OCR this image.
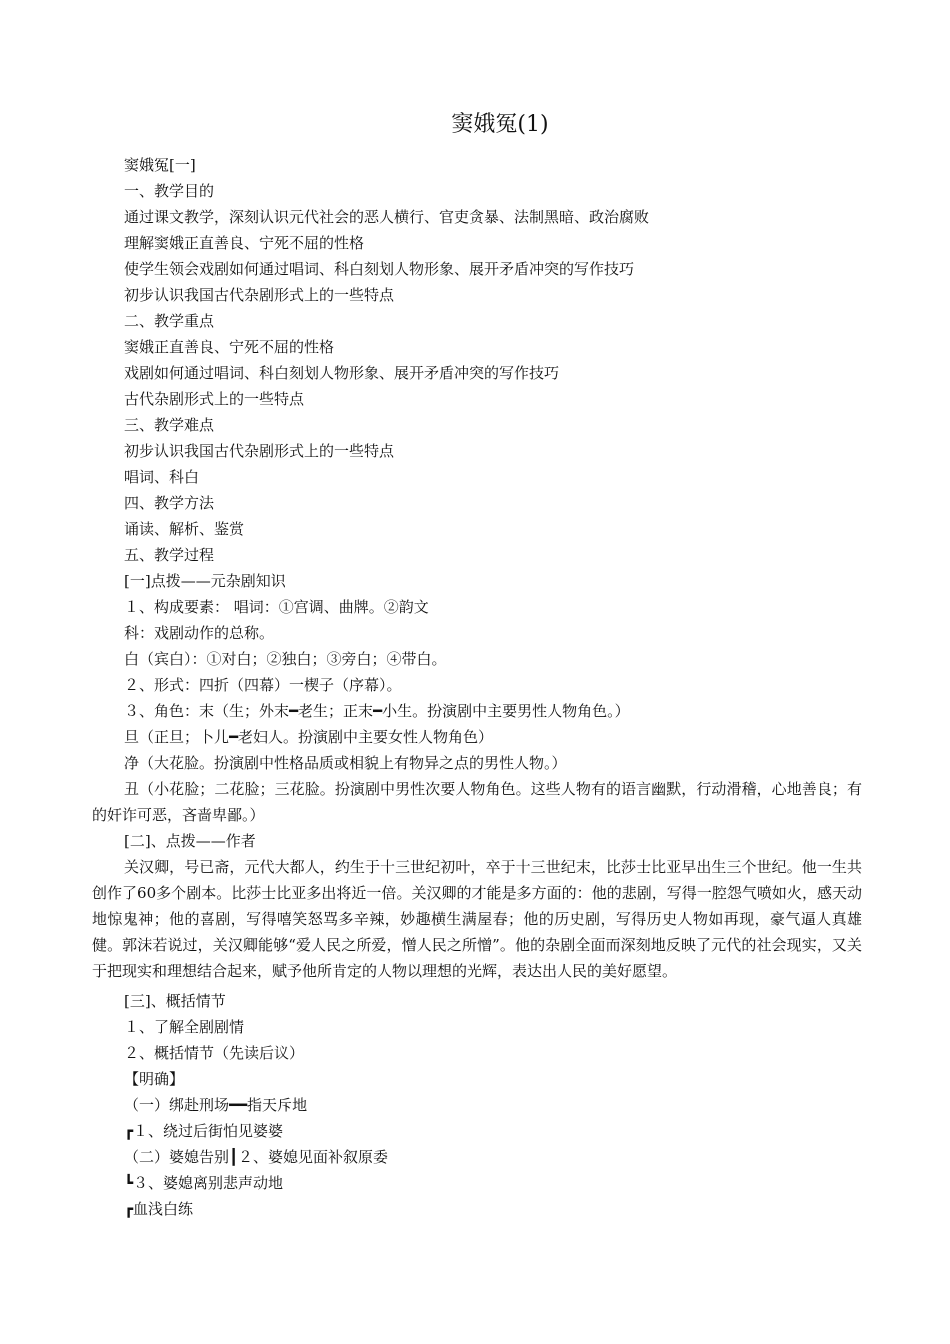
窦娥冤(1)

窦娥冤[一]

一、教学目的

通过课文教学，深刻认识元代社会的恶人横行、官吏贪暴、法制黑暗、政治腐败

理解窦娥正直善良、宁死不屈的性格

使学生领会戏剧如何通过唱词、科白刻划人物形象、展开矛盾冲突的写作技巧

初步认识我国古代杂剧形式上的一些特点

二、教学重点

窦娥正直善良、宁死不屈的性格

戏剧如何通过唱词、科白刻划人物形象、展开矛盾冲突的写作技巧

古代杂剧形式上的一些特点

三、教学难点

初步认识我国古代杂剧形式上的一些特点

唱词、科白

四、教学方法

诵读、解析、鉴赏

五、教学过程

[一]点拨——元杂剧知识

１、构成要素： 唱词：①宫调、曲牌。②韵文

科：戏剧动作的总称。

白（宾白）：①对白；②独白；③旁白；④带白。

２、形式：四折（四幕）一楔子（序幕）。

３、角色：末（生；外末━老生；正末━小生。扮演剧中主要男性人物角色。）

旦（正旦；卜儿━老妇人。扮演剧中主要女性人物角色）

净（大花脸。扮演剧中性格品质或相貌上有物异之点的男性人物。）

丑（小花脸；二花脸；三花脸。扮演剧中男性次要人物角色。这些人物有的语言幽默，行动滑稽，心地善良；有的奸诈可恶，吝啬卑鄙。）

[二]、点拨——作者

关汉卿，号已斋，元代大都人，约生于十三世纪初叶，卒于十三世纪末，比莎士比亚早出生三个世纪。他一生共创作了60多个剧本。比莎士比亚多出将近一倍。关汉卿的才能是多方面的：他的悲剧，写得一腔怨气喷如火，感天动地惊鬼神；他的喜剧，写得嘻笑怒骂多辛辣，妙趣横生满屋春；他的历史剧，写得历史人物如再现，豪气逼人真雄健。郭沫若说过，关汉卿能够“爱人民之所爱，憎人民之所憎”。他的杂剧全面而深刻地反映了元代的社会现实，又关于把现实和理想结合起来，赋予他所肯定的人物以理想的光辉，表达出人民的美好愿望。

[三]、概括情节

１、了解全剧剧情

２、概括情节（先读后议）

【明确】

（一）绑赴刑场━━指天斥地

┏１、绕过后街怕见婆婆

（二）婆媳告别┃２、婆媳见面补叙原委

┗３、婆媳离别悲声动地

┏血浅白练
